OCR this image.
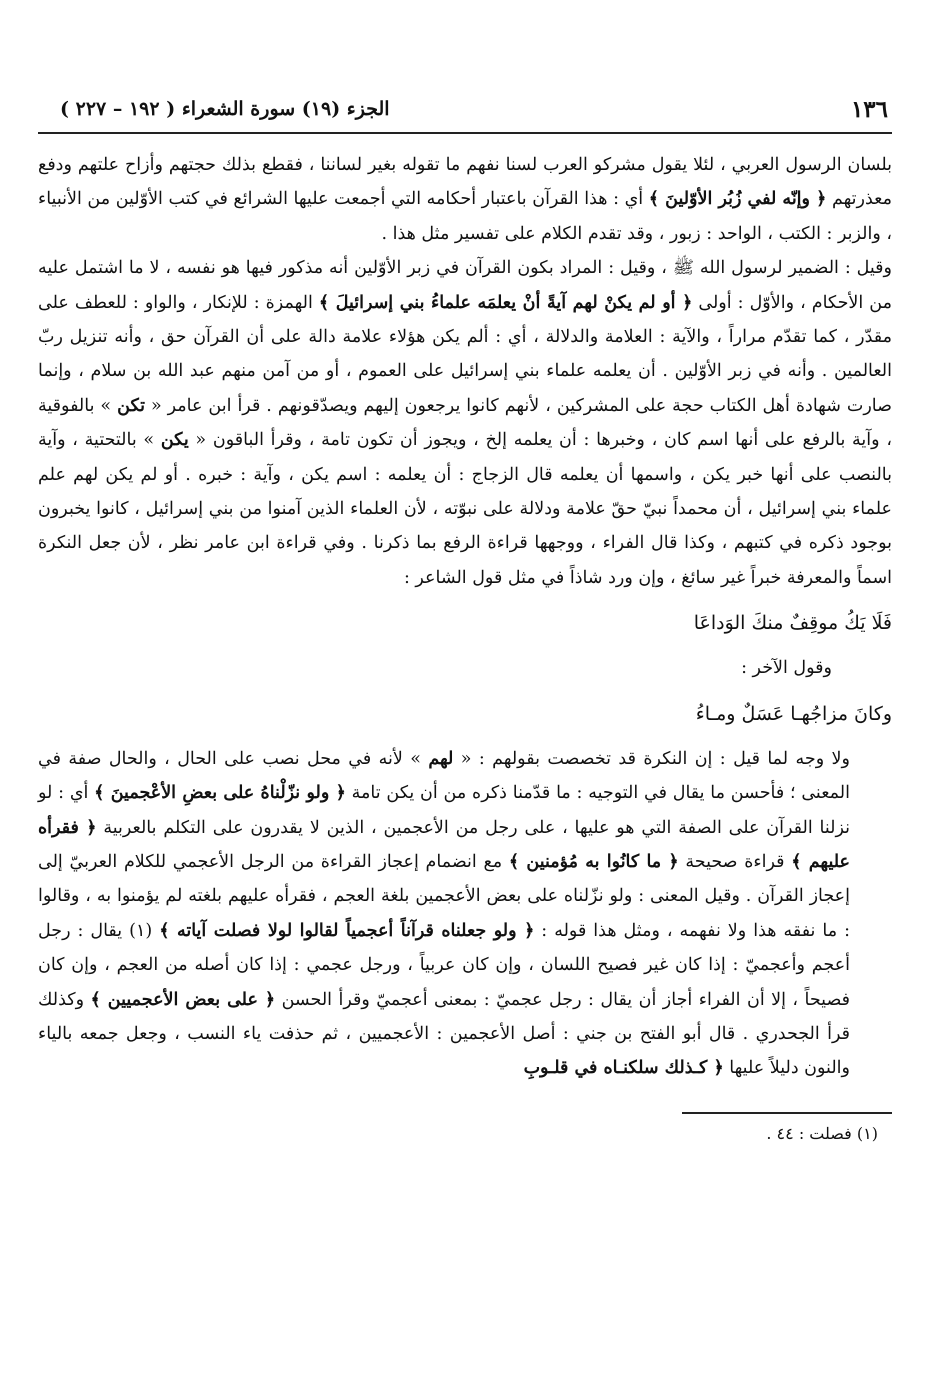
١٣٦
الجزء (١٩) سورة الشعراء ( ١٩٢ – ٢٢٧ )

بلسان الرسول العربي ، لئلا يقول مشركو العرب لسنا نفهم ما تقوله بغير لساننا ، فقطع بذلك حجتهم وأزاح علتهم ودفع معذرتهم ﴿ وإنّه لفي زُبُر الأوّلينَ ﴾ أي : هذا القرآن باعتبار أحكامه التي أجمعت عليها الشرائع في كتب الأوّلين من الأنبياء ، والزبر : الكتب ، الواحد : زبور ، وقد تقدم الكلام على تفسير مثل هذا .

وقيل : الضمير لرسول الله ﷺ ، وقيل : المراد بكون القرآن في زبر الأوّلين أنه مذكور فيها هو نفسه ، لا ما اشتمل عليه من الأحكام ، والأوّل : أولى ﴿ أو لم يكنْ لهم آيةً أنْ يعلمَه علماءُ بني إسرائيلَ ﴾ الهمزة : للإنكار ، والواو : للعطف على مقدّر ، كما تقدّم مراراً ، والآية : العلامة والدلالة ، أي : ألم يكن هؤلاء علامة دالة على أن القرآن حق ، وأنه تنزيل ربّ العالمين . وأنه في زبر الأوّلين . أن يعلمه علماء بني إسرائيل على العموم ، أو من آمن منهم عبد الله بن سلام ، وإنما صارت شهادة أهل الكتاب حجة على المشركين ، لأنهم كانوا يرجعون إليهم ويصدّقونهم . قرأ ابن عامر « تكن » بالفوقية ، وآية بالرفع على أنها اسم كان ، وخبرها : أن يعلمه إلخ ، ويجوز أن تكون تامة ، وقرأ الباقون « يكن » بالتحتية ، وآية بالنصب على أنها خبر يكن ، واسمها أن يعلمه قال الزجاج : أن يعلمه : اسم يكن ، وآية : خبره . أو لم يكن لهم علم علماء بني إسرائيل ، أن محمداً نبيّ حقّ علامة ودلالة على نبوّته ، لأن العلماء الذين آمنوا من بني إسرائيل ، كانوا يخبرون بوجود ذكره في كتبهم ، وكذا قال الفراء ، ووجهها قراءة الرفع بما ذكرنا . وفي قراءة ابن عامر نظر ، لأن جعل النكرة اسماً والمعرفة خبراً غير سائغ ، وإن ورد شاذاً في مثل قول الشاعر :

فَلَا يَكُ موقِفٌ منكَ الوَداعَا

وقول الآخر :

وكانَ مزاجُهـا عَسَلٌ ومـاءُ

ولا وجه لما قيل : إن النكرة قد تخصصت بقولهم : « لهم » لأنه في محل نصب على الحال ، والحال صفة في المعنى ؛ فأحسن ما يقال في التوجيه : ما قدّمنا ذكره من أن يكن تامة ﴿ ولو نزّلْناهُ على بعضِ الأعْجمينَ ﴾ أي : لو نزلنا القرآن على الصفة التي هو عليها ، على رجل من الأعجمين ، الذين لا يقدرون على التكلم بالعربية ﴿ فقرأه عليهم ﴾ قراءة صحيحة ﴿ ما كانُوا به مُؤمنين ﴾ مع انضمام إعجاز القراءة من الرجل الأعجمي للكلام العربيّ إلى إعجاز القرآن . وقيل المعنى : ولو نزّلناه على بعض الأعجمين بلغة العجم ، فقرأه عليهم بلغته لم يؤمنوا به ، وقالوا : ما نفقه هذا ولا نفهمه ، ومثل هذا قوله : ﴿ ولو جعلناه قرآناً أعجمياً لقالوا لولا فصلت آياته ﴾ (١) يقال : رجل أعجم وأعجميّ : إذا كان غير فصيح اللسان ، وإن كان عربياً ، ورجل عجمي : إذا كان أصله من العجم ، وإن كان فصيحاً ، إلا أن الفراء أجاز أن يقال : رجل عجميّ : بمعنى أعجميّ وقرأ الحسن ﴿ على بعض الأعجميين ﴾ وكذلك قرأ الجحدري . قال أبو الفتح بن جني : أصل الأعجمين : الأعجميين ، ثم حذفت ياء النسب ، وجعل جمعه بالياء والنون دليلاً عليها ﴿ كـذلك سلكنـاه في قلـوبِ

(١) فصلت : ٤٤ .
